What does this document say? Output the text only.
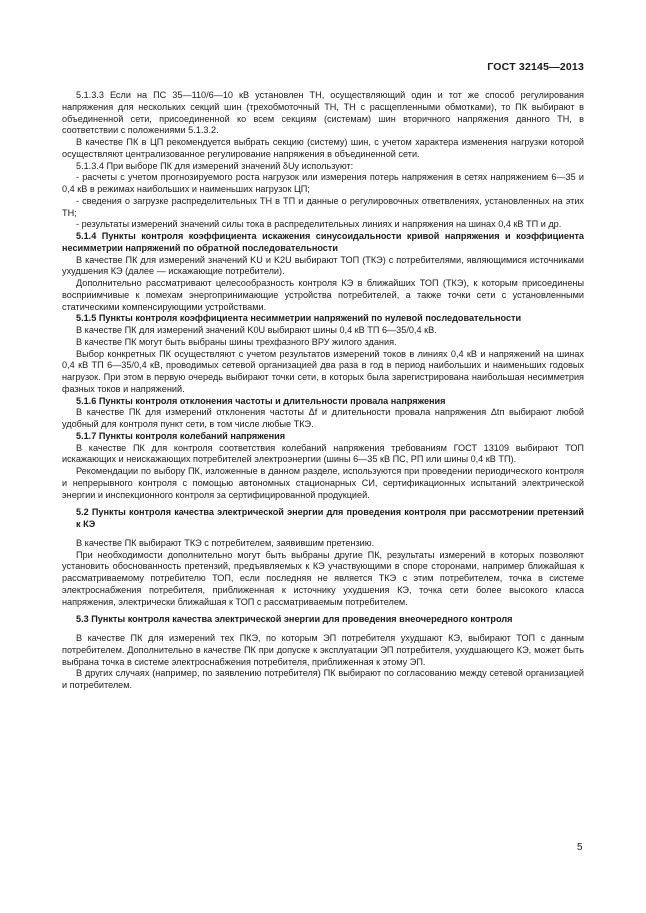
ГОСТ 32145—2013

5.1.3.3 Если на ПС 35—110/6—10 кВ установлен ТН, осуществляющий один и тот же способ регулирования напряжения для нескольких секций шин (трехобмоточный ТН, ТН с расщепленными обмотками), то ПК выбирают в объединенной сети, присоединенной ко всем секциям (системам) шин вторичного напряжения данного ТН, в соответствии с положениями 5.1.3.2.

В качестве ПК в ЦП рекомендуется выбрать секцию (систему) шин, с учетом характера изменения нагрузки которой осуществляют централизованное регулирование напряжения в объединенной сети.

5.1.3.4 При выборе ПК для измерений значений δUy используют:

- расчеты с учетом прогнозируемого роста нагрузок или измерения потерь напряжения в сетях напряжением 6—35 и 0,4 кВ в режимах наибольших и наименьших нагрузок ЦП;

- сведения о загрузке распределительных ТН в ТП и данные о регулировочных ответвлениях, установленных на этих ТН;

- результаты измерений значений силы тока в распределительных линиях и напряжения на шинах 0,4 кВ ТП и др.

5.1.4 Пункты контроля коэффициента искажения синусоидальности кривой напряжения и коэффициента несимметрии напряжений по обратной последовательности

В качестве ПК для измерений значений KU и K2U выбирают ТОП (ТКЭ) с потребителями, являющимися источниками ухудшения КЭ (далее — искажающие потребители).

Дополнительно рассматривают целесообразность контроля КЭ в ближайших ТОП (ТКЭ), к которым присоединены восприимчивые к помехам энергопринимающие устройства потребителей, а также точки сети с установленными статическими компенсирующими устройствами.

5.1.5 Пункты контроля коэффициента несимметрии напряжений по нулевой последовательности

В качестве ПК для измерений значений K0U выбирают шины 0,4 кВ ТП 6—35/0,4 кВ.

В качестве ПК могут быть выбраны шины трехфазного ВРУ жилого здания.

Выбор конкретных ПК осуществляют с учетом результатов измерений токов в линиях 0,4 кВ и напряжений на шинах 0,4 кВ ТП 6—35/0,4 кВ, проводимых сетевой организацией два раза в год в период наибольших и наименьших годовых нагрузок. При этом в первую очередь выбирают точки сети, в которых была зарегистрирована наибольшая несимметрия фазных токов и напряжений.

5.1.6 Пункты контроля отклонения частоты и длительности провала напряжения

В качестве ПК для измерений отклонения частоты Δf и длительности провала напряжения Δtп выбирают любой удобный для контроля пункт сети, в том числе любые ТКЭ.

5.1.7 Пункты контроля колебаний напряжения

В качестве ПК для контроля соответствия колебаний напряжения требованиям ГОСТ 13109 выбирают ТОП искажающих и неискажающих потребителей электроэнергии (шины 6—35 кВ ПС, РП или шины 0,4 кВ ТП).

Рекомендации по выбору ПК, изложенные в данном разделе, используются при проведении периодического контроля и непрерывного контроля с помощью автономных стационарных СИ, сертификационных испытаний электрической энергии и инспекционного контроля за сертифицированной продукцией.

5.2 Пункты контроля качества электрической энергии для проведения контроля при рассмотрении претензий к КЭ

В качестве ПК выбирают ТКЭ с потребителем, заявившим претензию.

При необходимости дополнительно могут быть выбраны другие ПК, результаты измерений в которых позволяют установить обоснованность претензий, предъявляемых к КЭ участвующими в споре сторонами, например ближайшая к рассматриваемому потребителю ТОП, если последняя не является ТКЭ с этим потребителем, точка в системе электроснабжения потребителя, приближенная к источнику ухудшения КЭ, точка сети более высокого класса напряжения, электрически ближайшая к ТОП с рассматриваемым потребителем.

5.3 Пункты контроля качества электрической энергии для проведения внеочередного контроля

В качестве ПК для измерений тех ПКЭ, по которым ЭП потребителя ухудшают КЭ, выбирают ТОП с данным потребителем. Дополнительно в качестве ПК при допуске к эксплуатации ЭП потребителя, ухудшающего КЭ, может быть выбрана точка в системе электроснабжения потребителя, приближенная к этому ЭП.

В других случаях (например, по заявлению потребителя) ПК выбирают по согласованию между сетевой организацией и потребителем.

5
